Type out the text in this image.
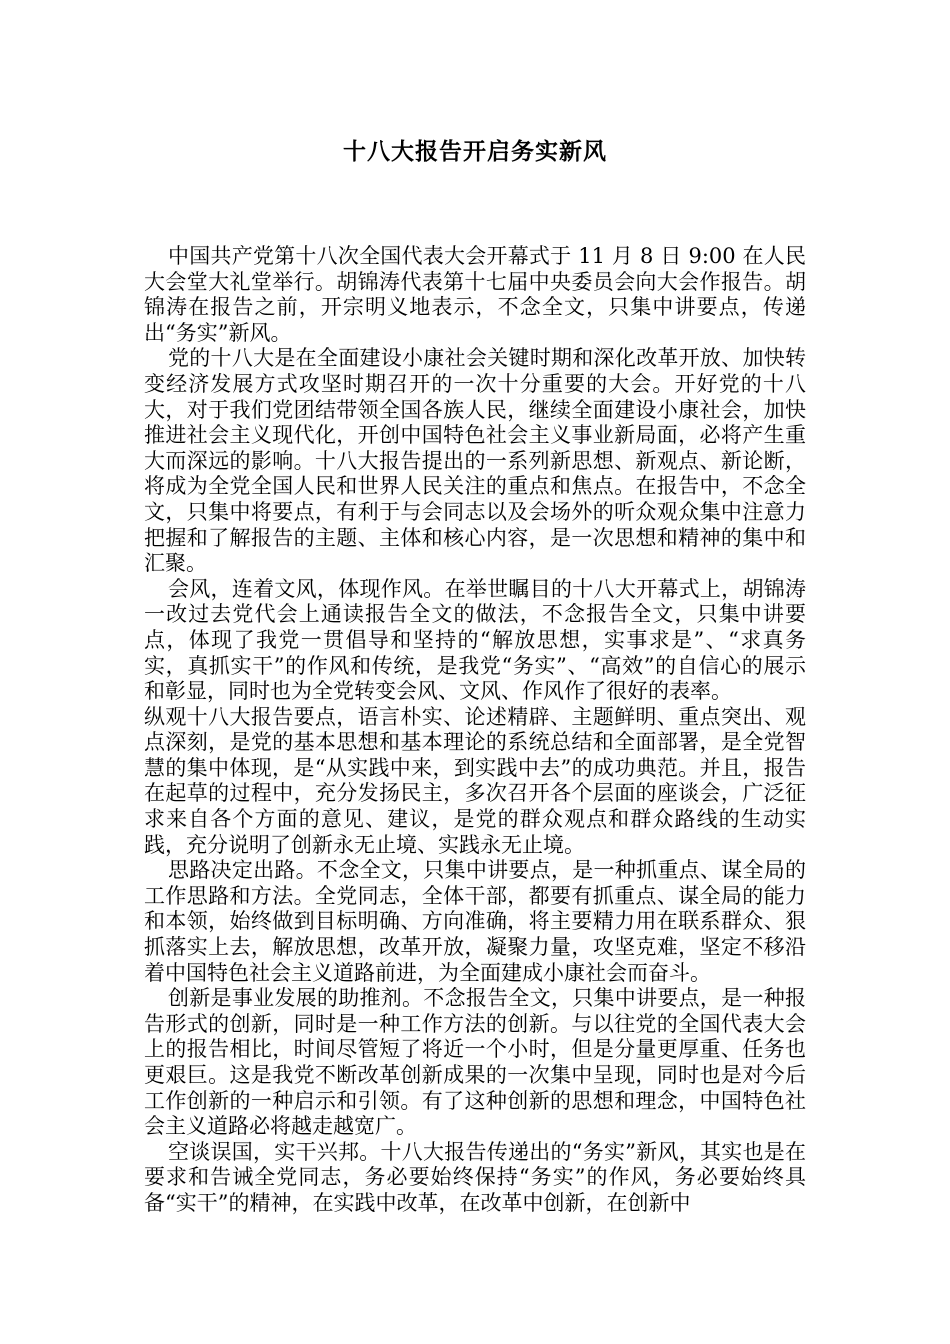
十八大报告开启务实新风

中国共产党第十八次全国代表大会开幕式于 11 月 8 日 9:00 在人民大会堂大礼堂举行。胡锦涛代表第十七届中央委员会向大会作报告。胡锦涛在报告之前，开宗明义地表示，不念全文，只集中讲要点，传递出“务实”新风。

党的十八大是在全面建设小康社会关键时期和深化改革开放、加快转变经济发展方式攻坚时期召开的一次十分重要的大会。开好党的十八大，对于我们党团结带领全国各族人民，继续全面建设小康社会，加快推进社会主义现代化，开创中国特色社会主义事业新局面，必将产生重大而深远的影响。十八大报告提出的一系列新思想、新观点、新论断，将成为全党全国人民和世界人民关注的重点和焦点。在报告中，不念全文，只集中将要点，有利于与会同志以及会场外的听众观众集中注意力把握和了解报告的主题、主体和核心内容，是一次思想和精神的集中和汇聚。

会风，连着文风，体现作风。在举世瞩目的十八大开幕式上，胡锦涛一改过去党代会上通读报告全文的做法，不念报告全文，只集中讲要点，体现了我党一贯倡导和坚持的“解放思想，实事求是”、“求真务实，真抓实干”的作风和传统，是我党“务实”、“高效”的自信心的展示和彰显，同时也为全党转变会风、文风、作风作了很好的表率。

纵观十八大报告要点，语言朴实、论述精辟、主题鲜明、重点突出、观点深刻，是党的基本思想和基本理论的系统总结和全面部署，是全党智慧的集中体现，是“从实践中来，到实践中去”的成功典范。并且，报告在起草的过程中，充分发扬民主，多次召开各个层面的座谈会，广泛征求来自各个方面的意见、建议，是党的群众观点和群众路线的生动实践，充分说明了创新永无止境、实践永无止境。

思路决定出路。不念全文，只集中讲要点，是一种抓重点、谋全局的工作思路和方法。全党同志，全体干部，都要有抓重点、谋全局的能力和本领，始终做到目标明确、方向准确，将主要精力用在联系群众、狠抓落实上去，解放思想，改革开放，凝聚力量，攻坚克难，坚定不移沿着中国特色社会主义道路前进，为全面建成小康社会而奋斗。

创新是事业发展的助推剂。不念报告全文，只集中讲要点，是一种报告形式的创新，同时是一种工作方法的创新。与以往党的全国代表大会上的报告相比，时间尽管短了将近一个小时，但是分量更厚重、任务也更艰巨。这是我党不断改革创新成果的一次集中呈现，同时也是对今后工作创新的一种启示和引领。有了这种创新的思想和理念，中国特色社会主义道路必将越走越宽广。

空谈误国，实干兴邦。十八大报告传递出的“务实”新风，其实也是在要求和告诫全党同志，务必要始终保持“务实”的作风，务必要始终具备“实干”的精神，在实践中改革，在改革中创新，在创新中
